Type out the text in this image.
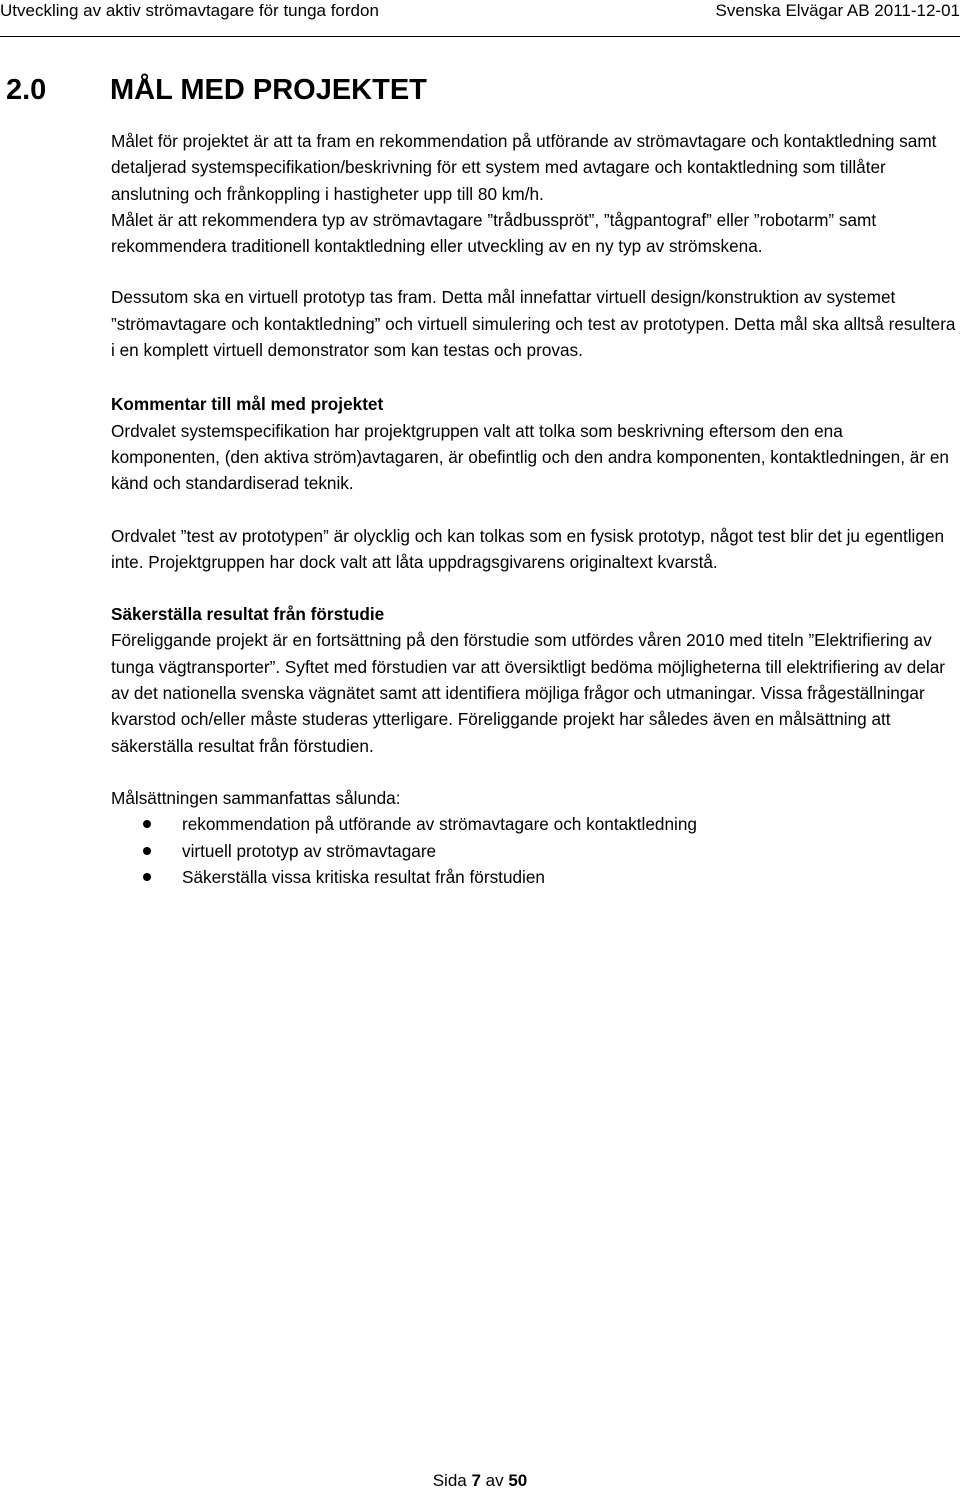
Utveckling av aktiv strömavtagare för tunga fordon	Svenska Elvägar AB 2011-12-01
2.0 MÅL MED PROJEKTET

Målet för projektet är att ta fram en rekommendation på utförande av strömavtagare och kontaktledning samt detaljerad systemspecifikation/beskrivning för ett system med avtagare och kontaktledning som tillåter anslutning och frånkoppling i hastigheter upp till 80 km/h.

Målet är att rekommendera typ av strömavtagare ”trådbussprӧt”, ”tågpantograf” eller ”robotarm” samt rekommendera traditionell kontaktledning eller utveckling av en ny typ av strömskena.

Dessutom ska en virtuell prototyp tas fram. Detta mål innefattar virtuell design/konstruktion av systemet ”strömavtagare och kontaktledning” och virtuell simulering och test av prototypen. Detta mål ska alltså resultera i en komplett virtuell demonstrator som kan testas och provas.

Kommentar till mål med projektet

Ordvalet systemspecifikation har projektgruppen valt att tolka som beskrivning eftersom den ena komponenten, (den aktiva ström)avtagaren, är obefintlig och den andra komponenten, kontaktledningen, är en känd och standardiserad teknik.

Ordvalet ”test av prototypen” är olycklig och kan tolkas som en fysisk prototyp, något test blir det ju egentligen inte. Projektgruppen har dock valt att låta uppdragsgivarens originaltext kvarstå.

Säkerställa resultat från förstudie

Föreliggande projekt är en fortsättning på den förstudie som utfördes våren 2010 med titeln ”Elektrifiering av tunga vägtransporter”. Syftet med förstudien var att översiktligt bedöma möjligheterna till elektrifiering av delar av det nationella svenska vägnätet samt att identifiera möjliga frågor och utmaningar. Vissa frågeställningar kvarstod och/eller måste studeras ytterligare. Föreliggande projekt har således även en målsättning att säkerställa resultat från förstudien.

Målsättningen sammanfattas sålunda:

rekommendation på utförande av strömavtagare och kontaktledning
virtuell prototyp av strömavtagare
Säkerställa vissa kritiska resultat från förstudien
Sida 7 av 50
